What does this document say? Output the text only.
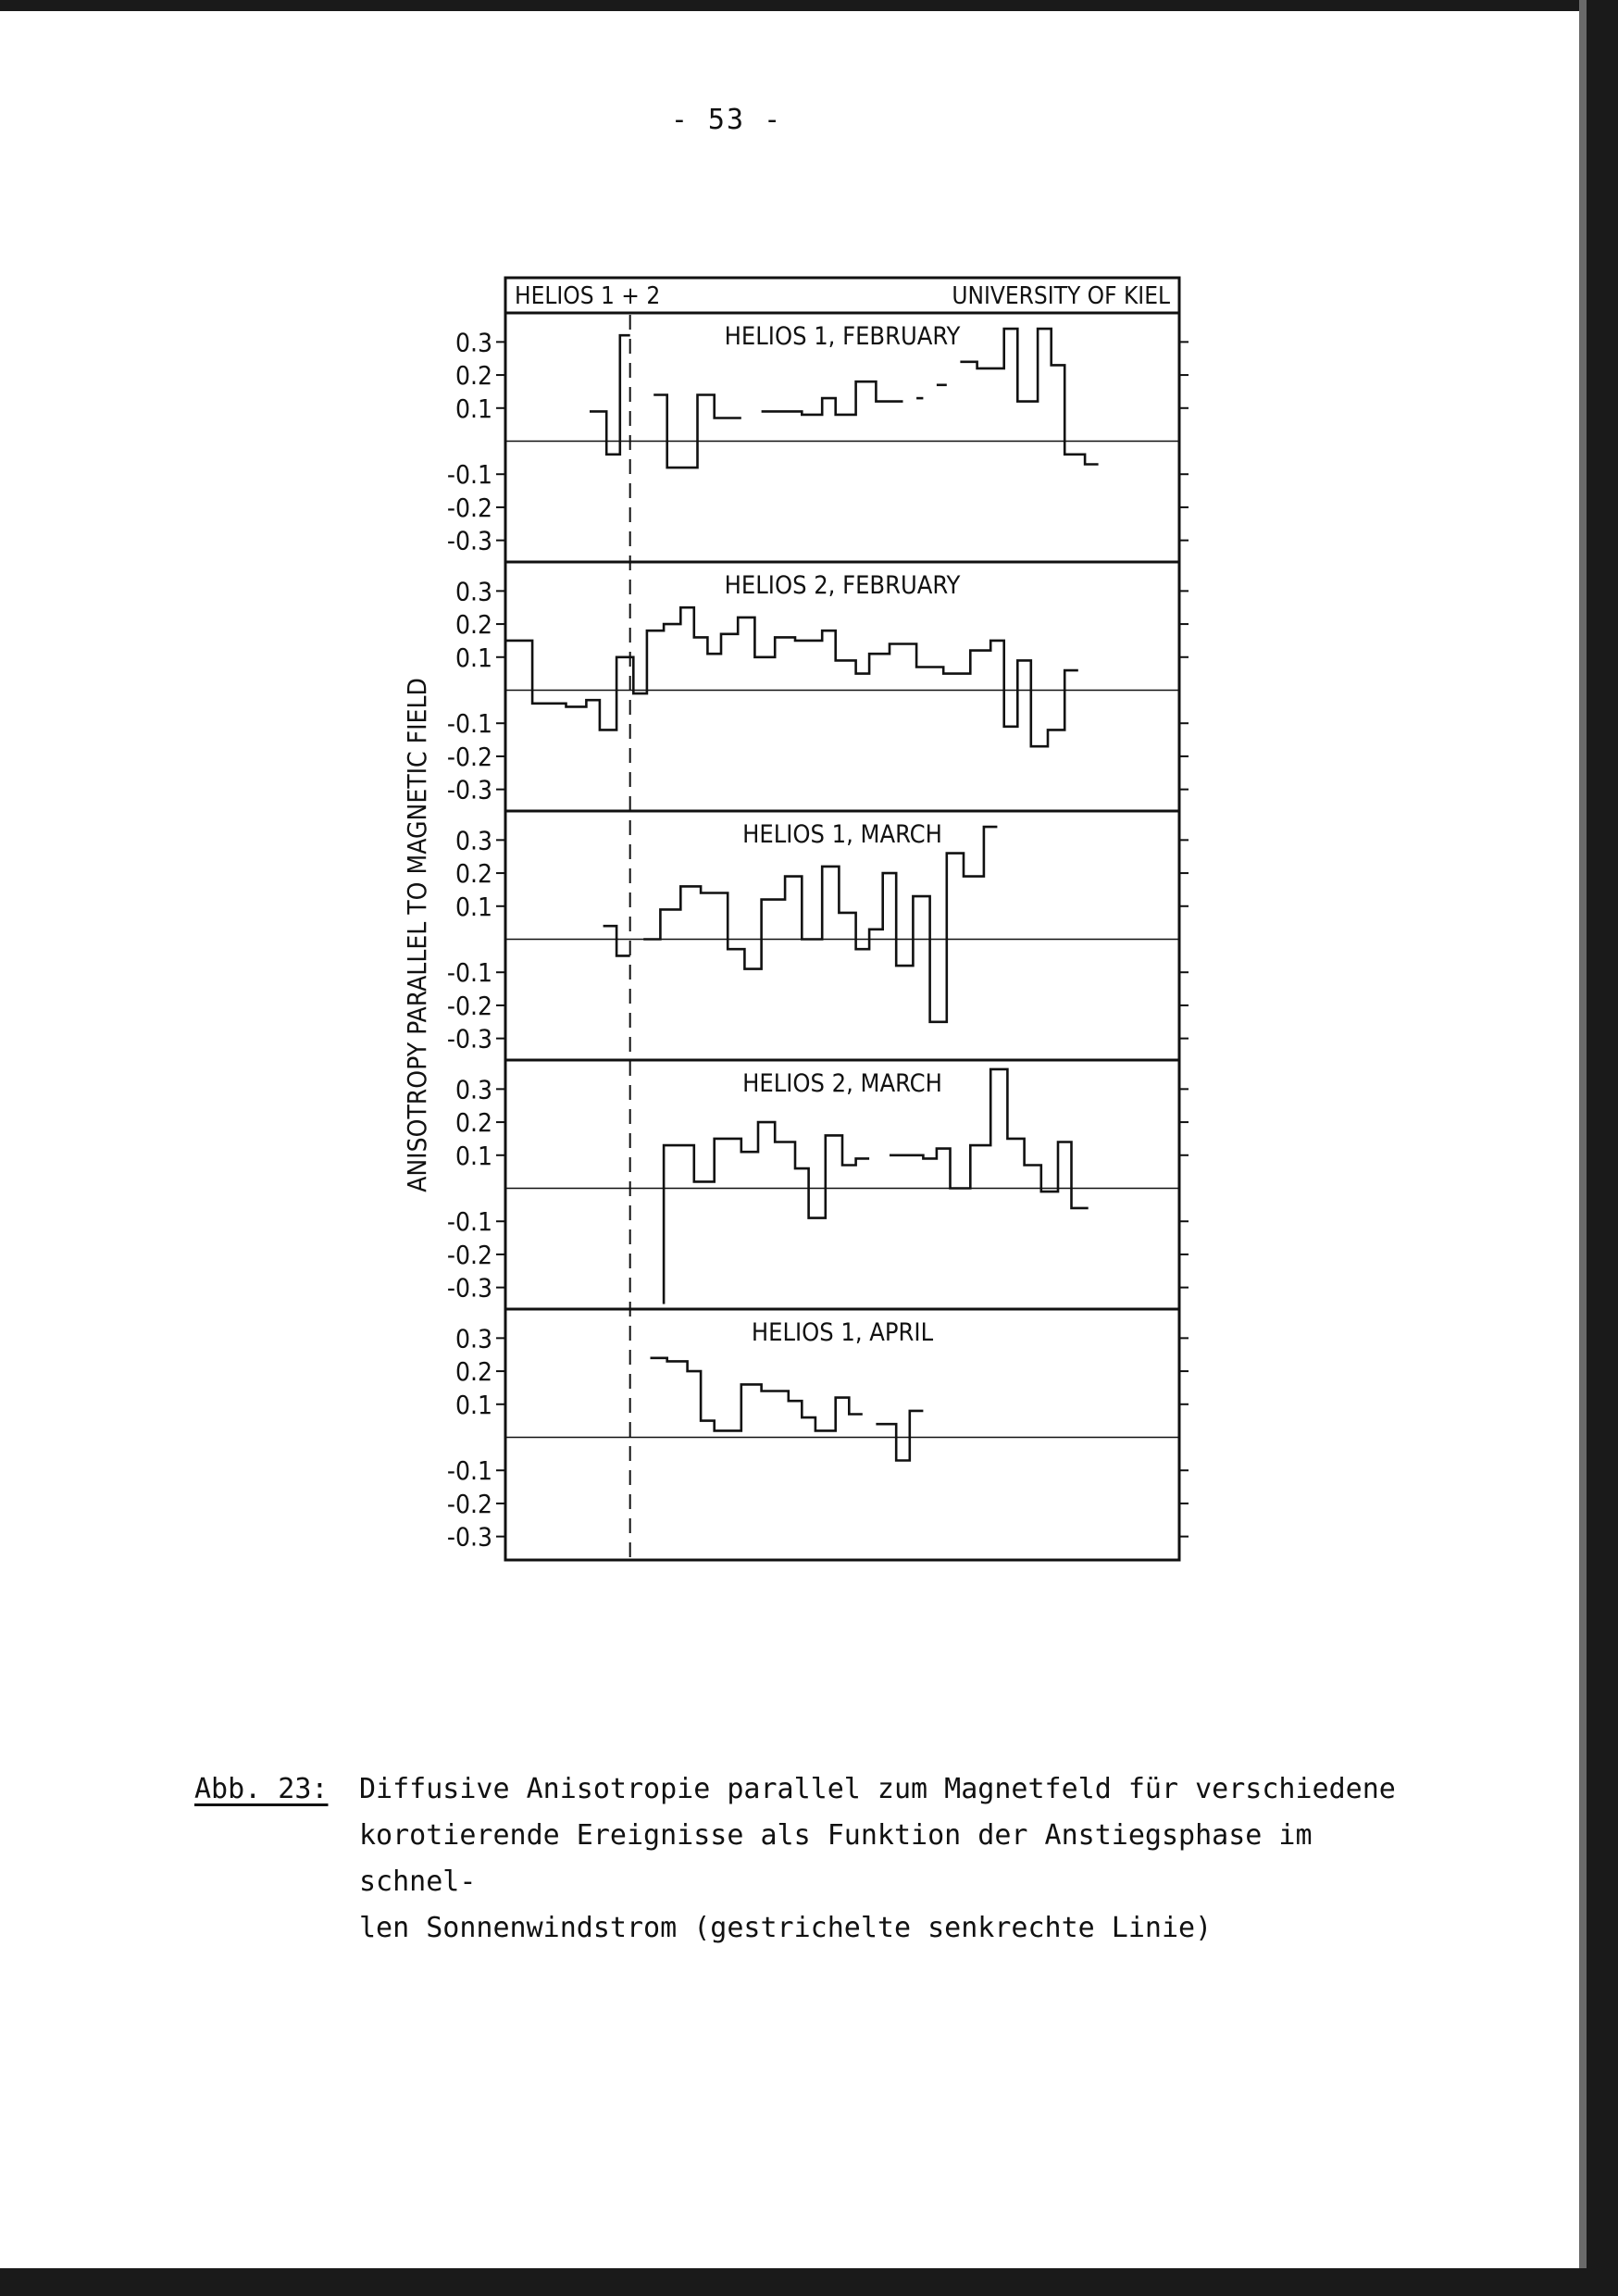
- 53 -
HELIOS 1 + 2	UNIVERSITY OF KIEL
ANISOTROPY PARALLEL TO MAGNETIC FIELD
0.3
0.2
0.1
-0.1
-0.2
-0.3
HELIOS 1, FEBRUARY
0.3
0.2
0.1
-0.1
-0.2
-0.3
HELIOS 2, FEBRUARY
0.3
0.2
0.1
-0.1
-0.2
-0.3
HELIOS 1, MARCH
0.3
0.2
0.1
-0.1
-0.2
-0.3
HELIOS 2, MARCH
0.3
0.2
0.1
-0.1
-0.2
-0.3
HELIOS 1, APRIL
Abb. 23: Diffusive Anisotropie parallel zum Magnetfeld für verschiedene
korotierende Ereignisse als Funktion der Anstiegsphase im schnel-
len Sonnenwindstrom (gestrichelte senkrechte Linie)
